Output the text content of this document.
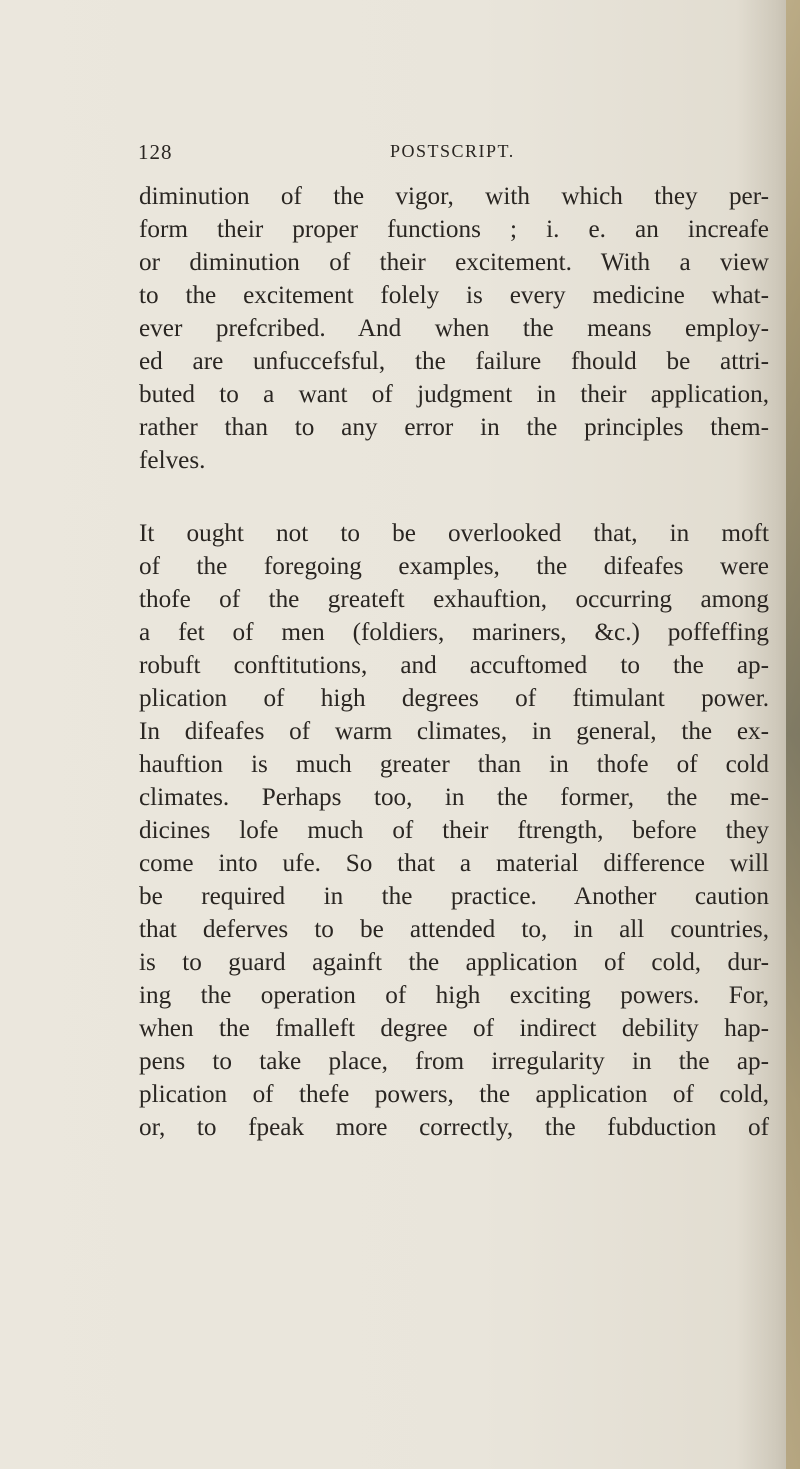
128	POSTSCRIPT.
diminution of the vigor, with which they per-
form their proper functions ; i. e. an increafe
or diminution of their excitement. With a view
to the excitement folely is every medicine what-
ever prefcribed. And when the means employ-
ed are unfuccefsful, the failure fhould be attri-
buted to a want of judgment in their application,
rather than to any error in the principles them-
felves.
It ought not to be overlooked that, in moft
of the foregoing examples, the difeafes were
thofe of the greateft exhauftion, occurring among
a fet of men (foldiers, mariners, &c.) poffeffing
robuft conftitutions, and accuftomed to the ap-
plication of high degrees of ftimulant power.
In difeafes of warm climates, in general, the ex-
hauftion is much greater than in thofe of cold
climates. Perhaps too, in the former, the me-
dicines lofe much of their ftrength, before they
come into ufe. So that a material difference will
be required in the practice. Another caution
that deferves to be attended to, in all countries,
is to guard againft the application of cold, dur-
ing the operation of high exciting powers. For,
when the fmalleft degree of indirect debility hap-
pens to take place, from irregularity in the ap-
plication of thefe powers, the application of cold,
or, to fpeak more correctly, the fubduction of
